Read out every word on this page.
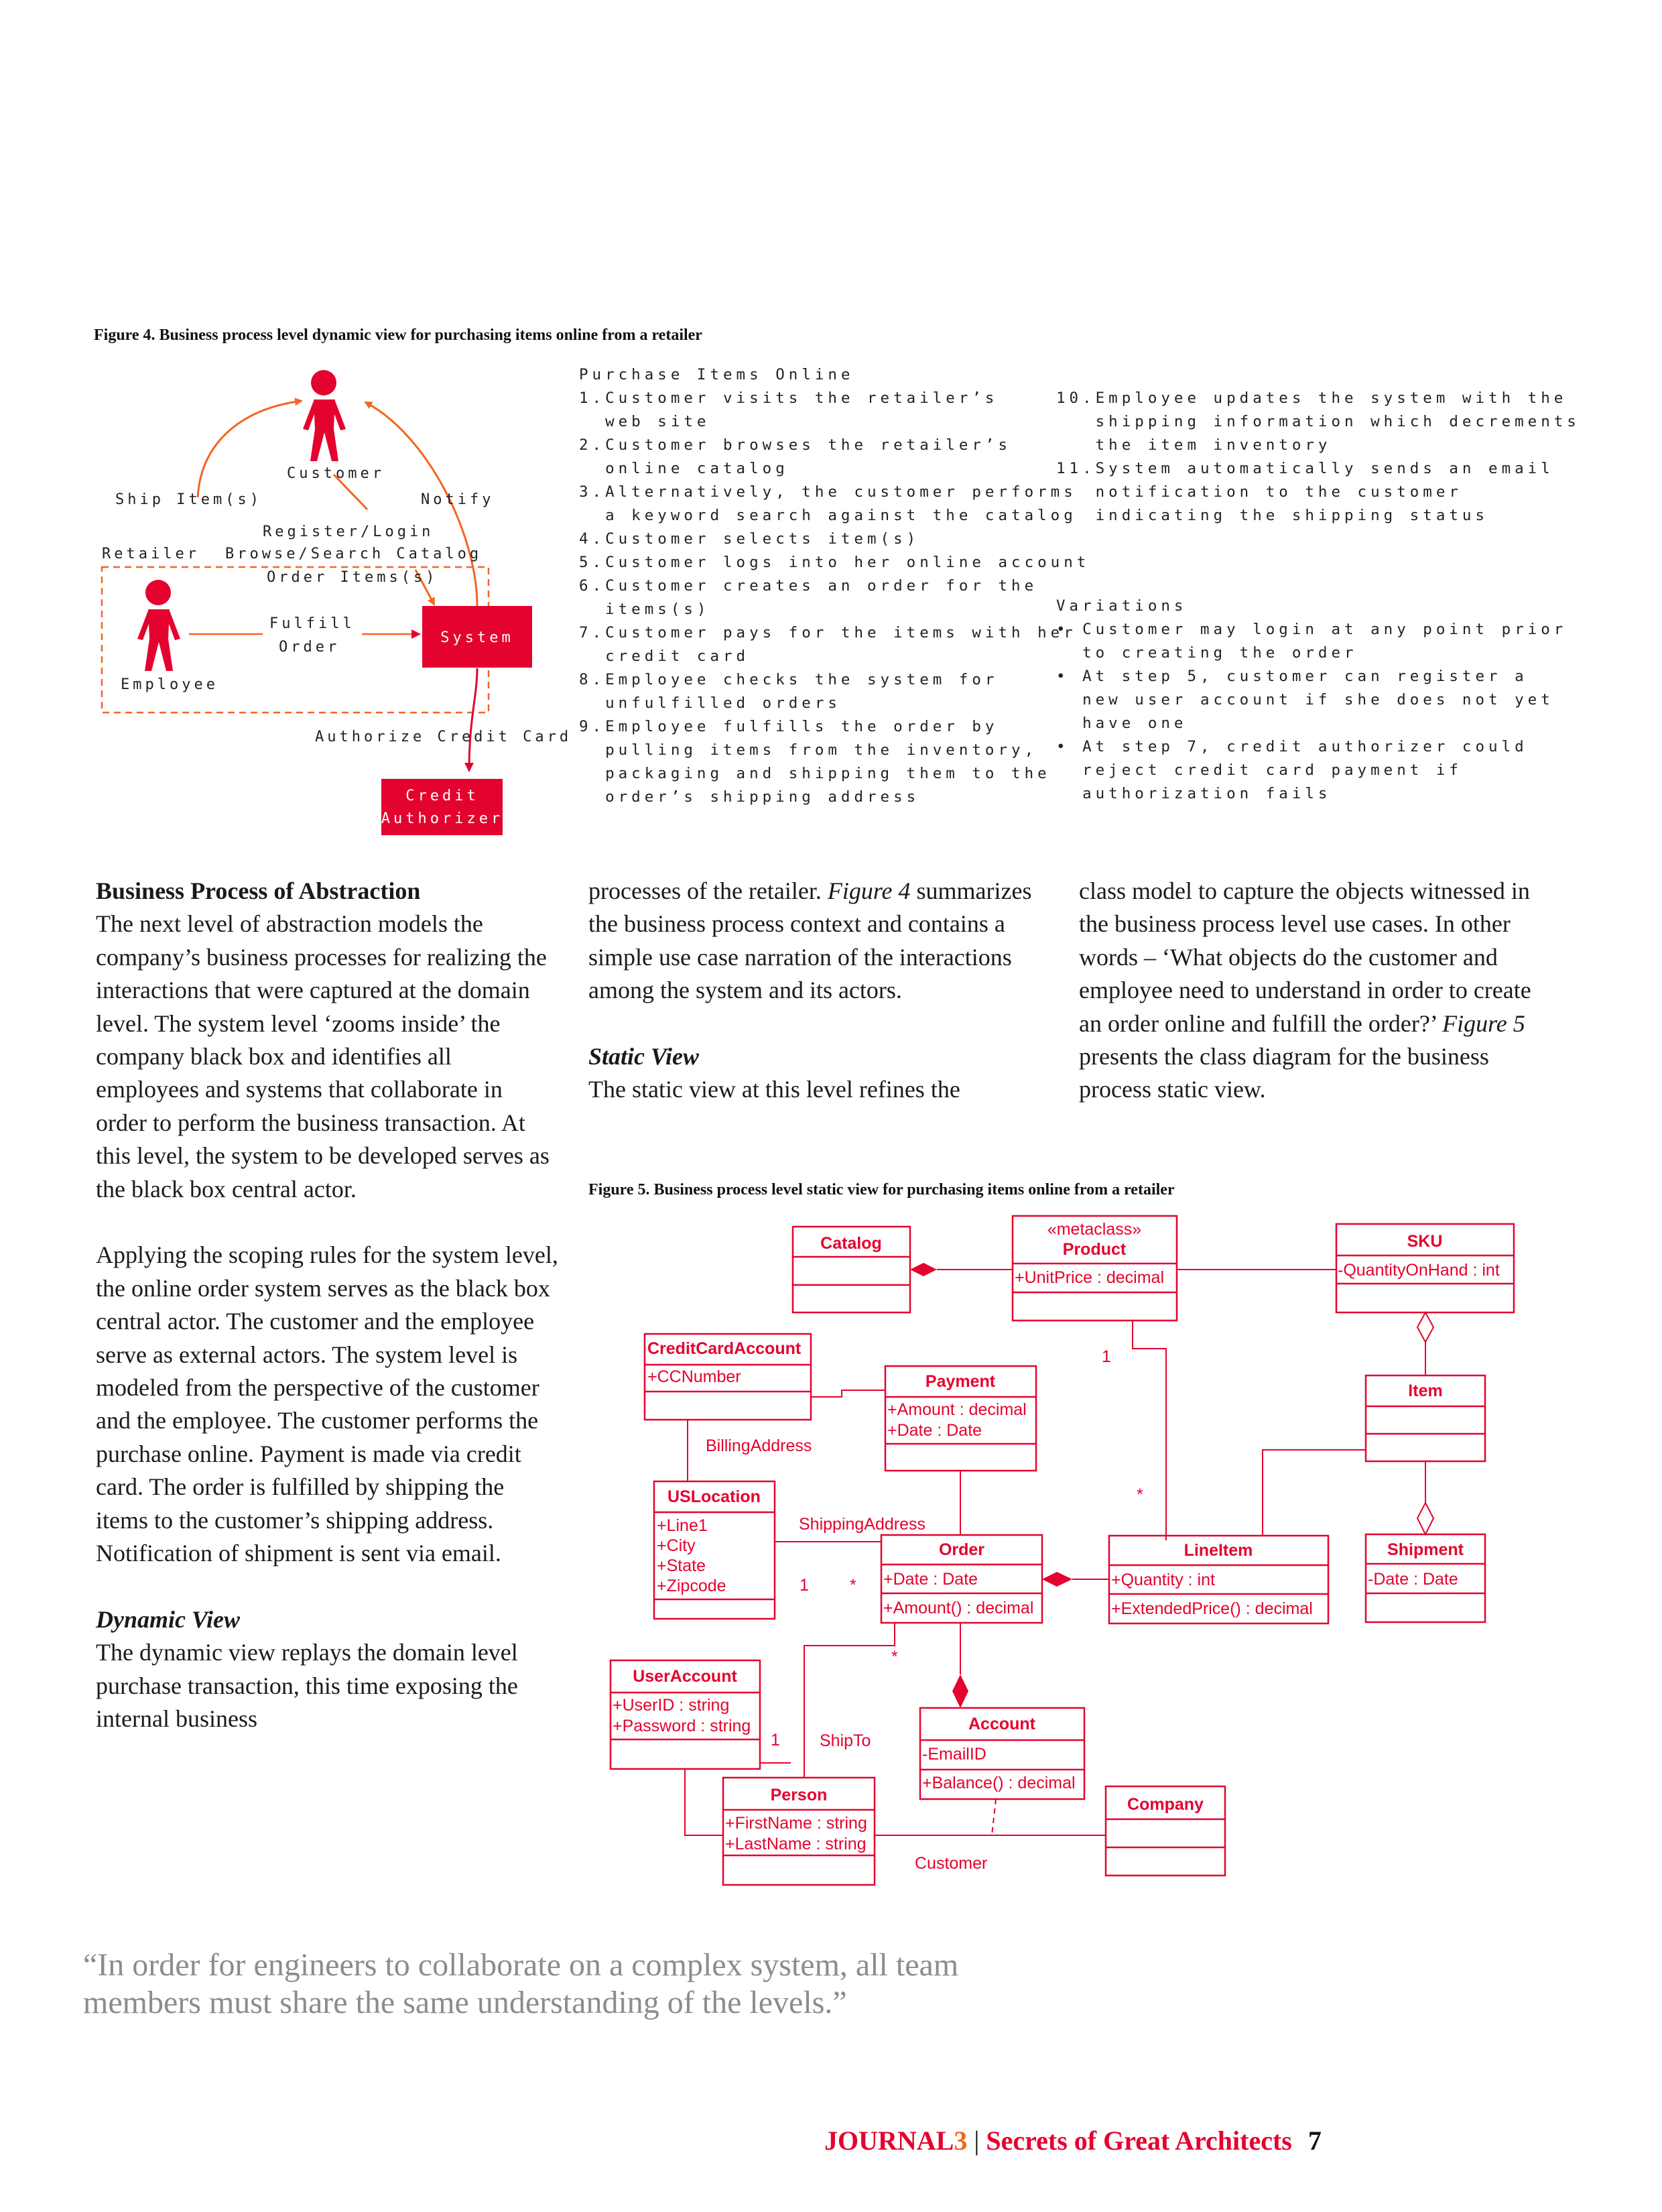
Figure 4. Business process level dynamic view for purchasing items online from a retailer
System
Credit
Authorizer
Customer
Ship Item(s)	Notify
Register/Login
Retailer Browse/Search Catalog
Order Items(s)
Fulfill
Order
Employee
Authorize Credit Card
Purchase Items Online
1.Customer visits the retailer’s
web site
2.Customer browses the retailer’s
online catalog
3.Alternatively, the customer performs
a keyword search against the catalog
4.Customer selects item(s)
5.Customer logs into her online account
6.Customer creates an order for the
items(s)
7.Customer pays for the items with her
credit card
8.Employee checks the system for
unfulfilled orders
9.Employee fulfills the order by
pulling items from the inventory,
packaging and shipping them to the
order’s shipping address
10.Employee updates the system with the
shipping information which decrements
the item inventory
11.System automatically sends an email
notification to the customer
indicating the shipping status
Variations
• Customer may login at any point prior
to creating the order
• At step 5, customer can register a
new user account if she does not yet
have one
• At step 7, credit authorizer could
reject credit card payment if
authorization fails

Business Process of Abstraction

The next level of abstraction models the company’s business processes for realizing the interactions that were captured at the domain level. The system level ‘zooms inside’ the company black box and identifies all employees and systems that collaborate in order to perform the business transaction. At this level, the system to be developed serves as the black box central actor.

Applying the scoping rules for the system level, the online order system serves as the black box central actor. The customer and the employee serve as external actors. The system level is modeled from the perspective of the customer and the employee. The customer performs the purchase online. Payment is made via credit card. The order is fulfilled by shipping the items to the customer’s shipping address. Notification of shipment is sent via email.

Dynamic View

The dynamic view replays the domain level purchase transaction, this time exposing the internal business

processes of the retailer. Figure 4 summarizes the business process context and contains a simple use case narration of the interactions among the system and its actors.

Static View

The static view at this level refines the

class model to capture the objects witnessed in the business process level use cases. In other words – ‘What objects do the customer and employee need to understand in order to create an order online and fulfill the order?’ Figure 5 presents the class diagram for the business process static view.

Figure 5. Business process level static view for purchasing items online from a retailer
Catalog
«metaclass»
Product
+UnitPrice : decimal
SKU
-QuantityOnHand : int
CreditCardAccount
+CCNumber	Payment
+Amount : decimal
+Date : Date
Item
USLocation
+Line1
+City
+State
+Zipcode
Order
+Date : Date
+Amount() : decimal
LineItem
+Quantity : int
+ExtendedPrice() : decimal
Shipment
-Date : Date
UserAccount
+UserID : string
+Password : string	Account
-EmailID
+Balance() : decimal
Person
+FirstName : string
+LastName : string
Company
BillingAddress
ShippingAddress
ShipTo
Customer
1
*
1 *
*
1
“In order for engineers to collaborate on a complex system, all team members must share the same understanding of the levels.”
JOURNAL3 | Secrets of Great Architects 7
